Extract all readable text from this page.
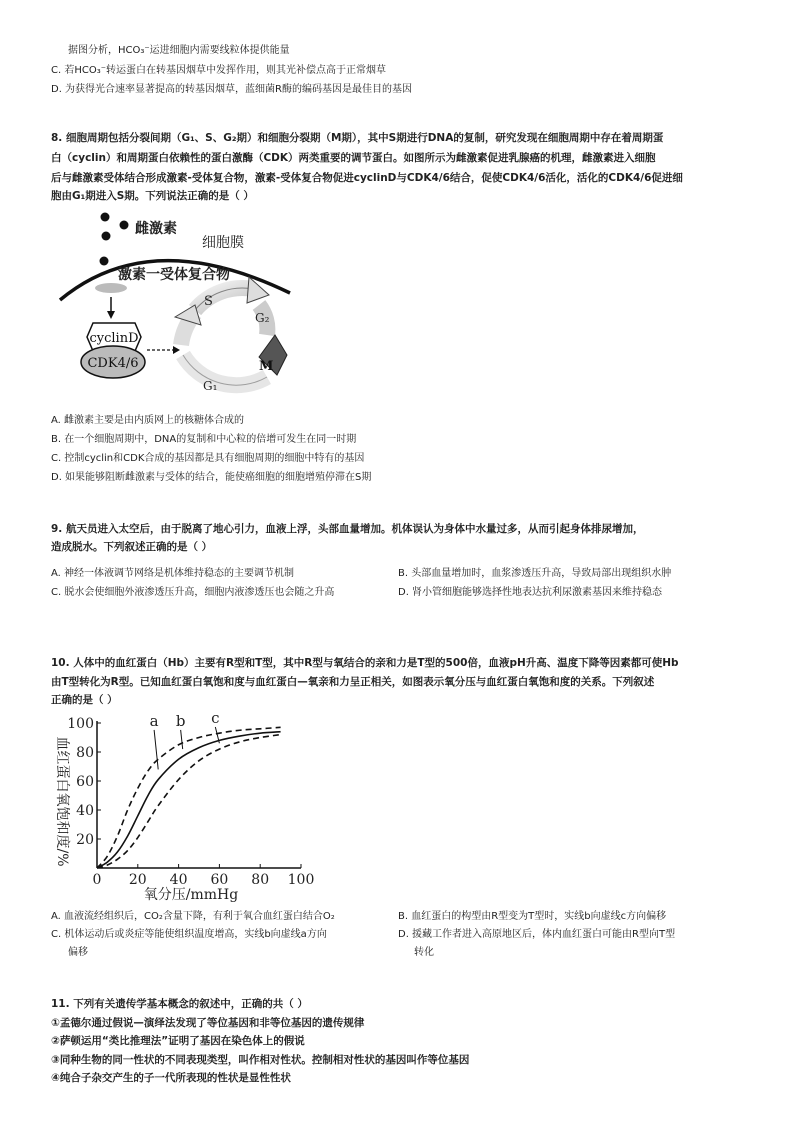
据图分析，HCO₃⁻运进细胞内需要线粒体提供能量
C. 若HCO₃⁻转运蛋白在转基因烟草中发挥作用，则其光补偿点高于正常烟草
D. 为获得光合速率显著提高的转基因烟草，蓝细菌R酶的编码基因是最佳目的基因
8. 细胞周期包括分裂间期（G₁、S、G₂期）和细胞分裂期（M期），其中S期进行DNA的复制，研究发现在细胞周期中存在着周期蛋
白（cyclin）和周期蛋白依赖性的蛋白激酶（CDK）两类重要的调节蛋白。如图所示为雌激素促进乳腺癌的机理，雌激素进入细胞
后与雌激素受体结合形成激素-受体复合物，激素-受体复合物促进cyclinD与CDK4/6结合，促使CDK4/6活化，活化的CDK4/6促进细
胞由G₁期进入S期。下列说法正确的是（ ）
雌激素
细胞膜
激素一受体复合物
cyclinD
CDK4/6
S
G₂
M
G₁
A. 雌激素主要是由内质网上的核糖体合成的
B. 在一个细胞周期中，DNA的复制和中心粒的倍增可发生在同一时期
C. 控制cyclin和CDK合成的基因都是具有细胞周期的细胞中特有的基因
D. 如果能够阻断雌激素与受体的结合，能使癌细胞的细胞增殖停滞在S期
9. 航天员进入太空后，由于脱离了地心引力，血液上浮，头部血量增加。机体误认为身体中水量过多，从而引起身体排尿增加，
造成脱水。下列叙述正确的是（ ）
A. 神经一体液调节网络是机体维持稳态的主要调节机制	B. 头部血量增加时，血浆渗透压升高，导致局部出现组织水肿
C. 脱水会使细胞外液渗透压升高，细胞内液渗透压也会随之升高	D. 肾小管细胞能够选择性地表达抗利尿激素基因来维持稳态
10. 人体中的血红蛋白（Hb）主要有R型和T型，其中R型与氧结合的亲和力是T型的500倍，血液pH升高、温度下降等因素都可使Hb
由T型转化为R型。已知血红蛋白氧饱和度与血红蛋白—氧亲和力呈正相关，如图表示氧分压与血红蛋白氧饱和度的关系。下列叙述
正确的是（ ）
0 20 40 60 80 100
20
40
60
80
100
氧分压/mmHg
血红蛋白氧饱和度/%
a b c
A. 血液流经组织后，CO₂含量下降，有利于氧合血红蛋白结合O₂	B. 血红蛋白的构型由R型变为T型时，实线b向虚线c方向偏移
C. 机体运动后或炎症等能使组织温度增高，实线b向虚线a方向
偏移
D. 援藏工作者进入高原地区后，体内血红蛋白可能由R型向T型
转化
11. 下列有关遗传学基本概念的叙述中，正确的共（ ）
①孟德尔通过假说—演绎法发现了等位基因和非等位基因的遗传规律
②萨顿运用“类比推理法”证明了基因在染色体上的假说
③同种生物的同一性状的不同表现类型，叫作相对性状。控制相对性状的基因叫作等位基因
④纯合子杂交产生的子一代所表现的性状是显性性状
